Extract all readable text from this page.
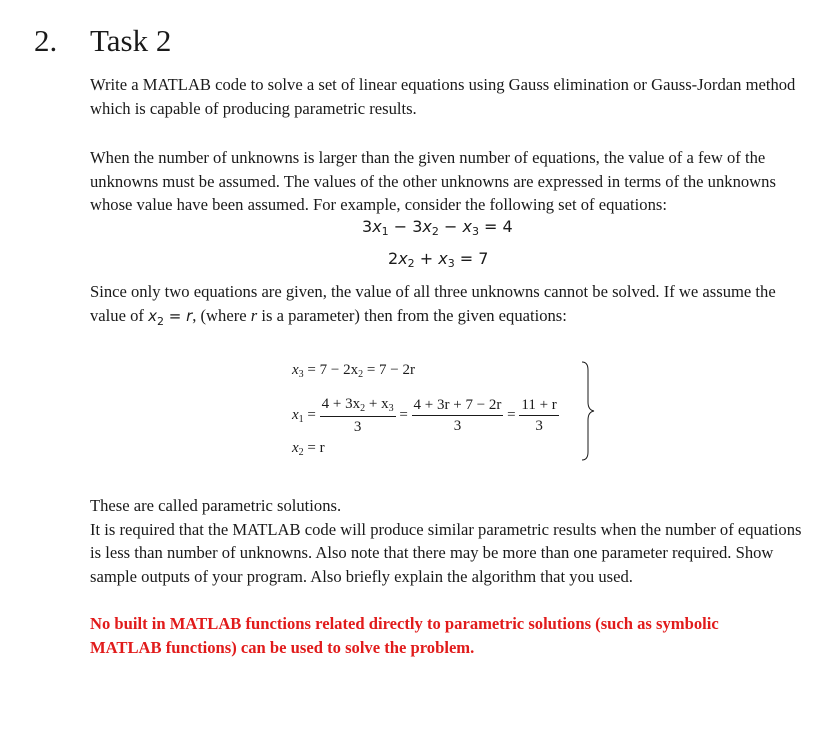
2. Task 2

Write a MATLAB code to solve a set of linear equations using Gauss elimination or Gauss-Jordan method which is capable of producing parametric results.

When the number of unknowns is larger than the given number of equations, the value of a few of the unknowns must be assumed. The values of the other unknowns are expressed in terms of the unknowns whose value have been assumed. For example, consider the following set of equations:

$3x_1 - 3x_2 - x_3 = 4$
$2x_2 + x_3 = 7$

Since only two equations are given, the value of all three unknowns cannot be solved. If we assume the value of $x_2 = r$, (where r is a parameter) then from the given equations:

$x_3 = 7 - 2x_2 = 7 - 2r$
$x_1 = \frac{4 + 3x_2 + x_3}{3} = \frac{4 + 3r + 7 - 2r}{3} = \frac{11 + r}{3}$
$x_2 = r$

These are called parametric solutions.

It is required that the MATLAB code will produce similar parametric results when the number of equations is less than number of unknowns. Also note that there may be more than one parameter required. Show sample outputs of your program. Also briefly explain the algorithm that you used.

No built in MATLAB functions related directly to parametric solutions (such as symbolic MATLAB functions) can be used to solve the problem.
